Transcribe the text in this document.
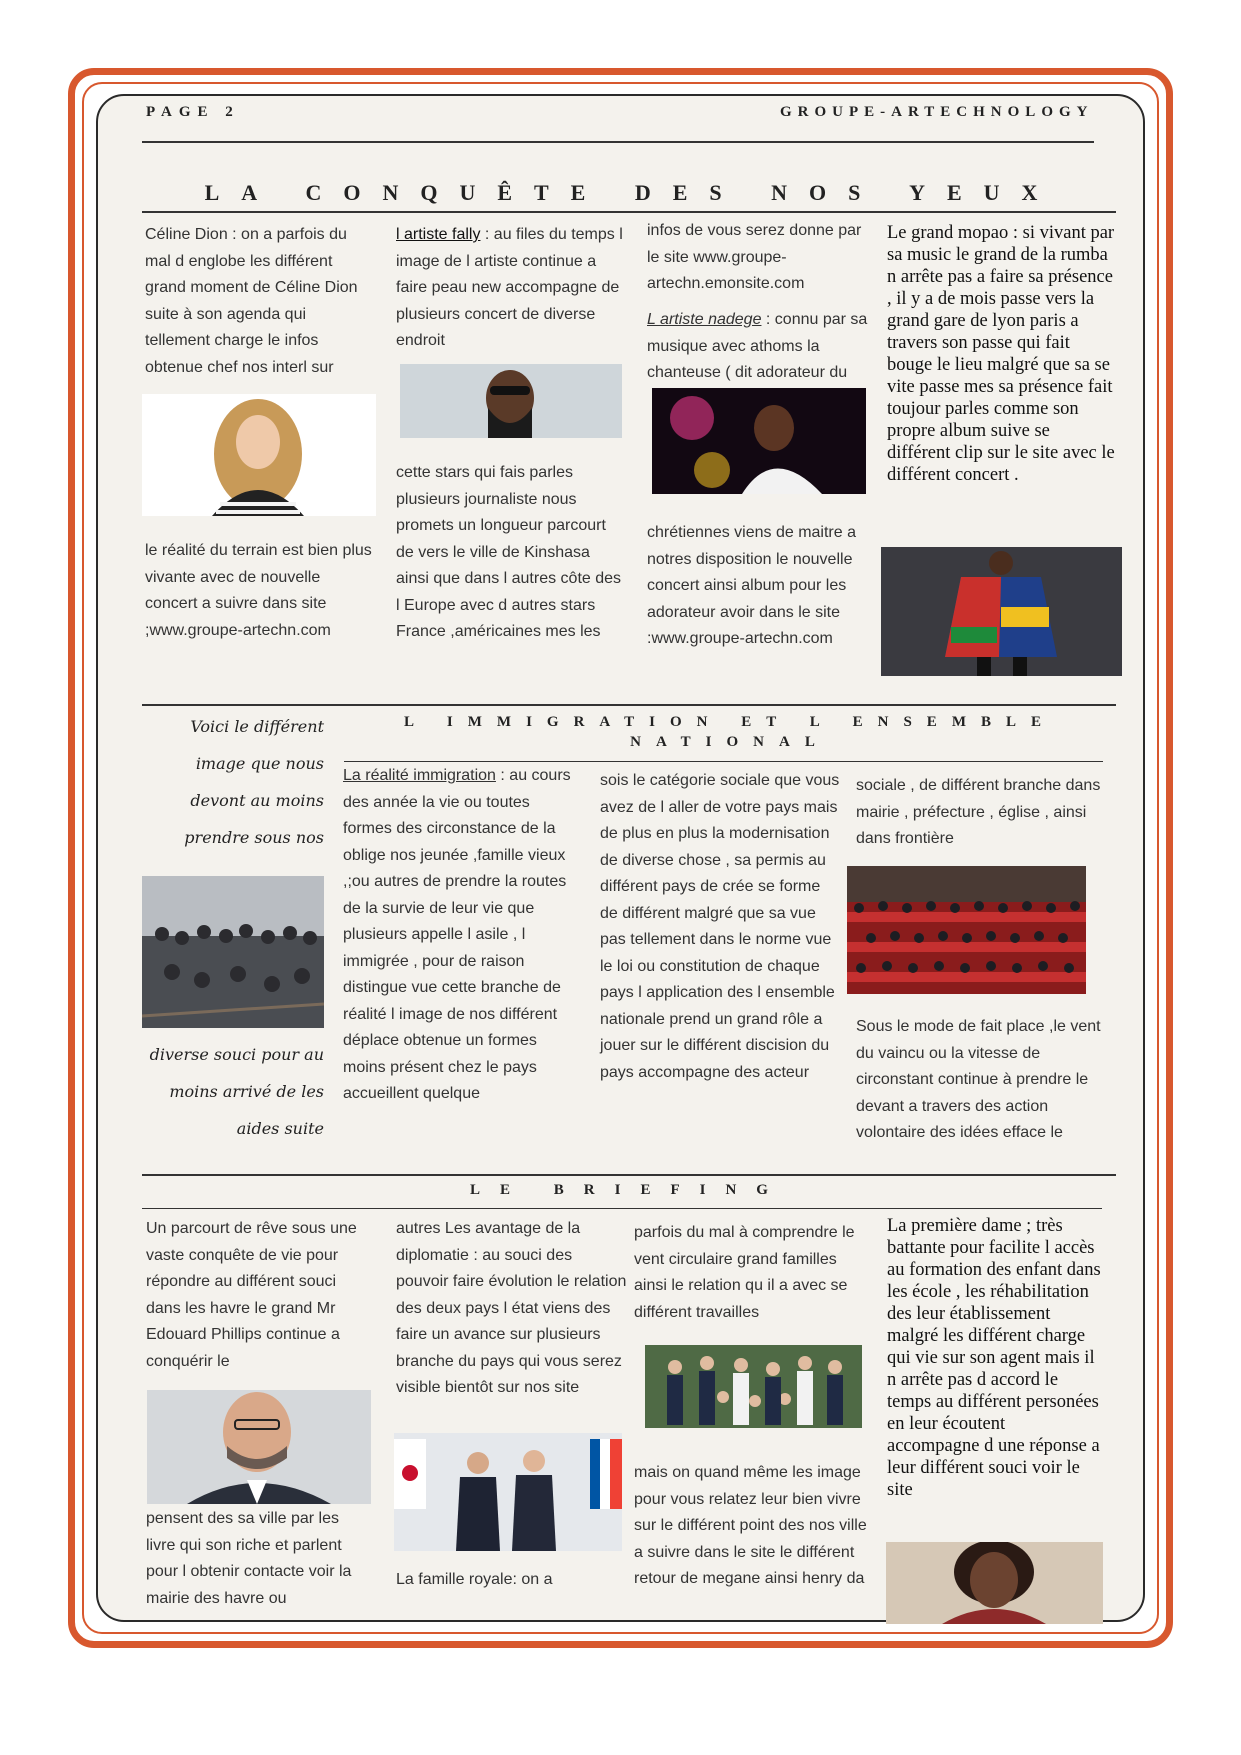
PAGE 2	GROUPE-ARTECHNOLOGY
LA CONQUÊTE DES NOS YEUX
Céline Dion : on a parfois du mal d englobe les différent grand moment de Céline Dion suite à son agenda qui tellement charge le infos obtenue chef nos interl sur
le réalité du terrain est bien plus vivante avec de nouvelle concert a suivre dans site ;www.groupe-artechn.com
l artiste fally : au files du temps l image de l artiste continue a faire peau new accompagne de plusieurs concert de diverse endroit
cette stars qui fais parles plusieurs journaliste nous promets un longueur parcourt de vers le ville de Kinshasa ainsi que dans l autres côte des l Europe avec d autres stars France ,américaines mes les
infos de vous serez donne par le site www.groupe-artechn.emonsite.com
L artiste nadege : connu par sa musique avec athoms la chanteuse ( dit adorateur du
chrétiennes viens de maitre a notres disposition le nouvelle concert ainsi album pour les adorateur avoir dans le site :www.groupe-artechn.com
Le grand mopao : si vivant par sa music le grand de la rumba n arrête pas a faire sa présence , il y a de mois passe vers la grand gare de lyon paris a travers son passe qui fait bouge le lieu malgré que sa se vite passe mes sa présence fait toujour parles comme son propre album suive se différent clip sur le site avec le différent concert .
Voici le différent image que nous devont au moins prendre sous nos
diverse souci pour au moins arrivé de les aides suite
L IMMIGRATION ET L ENSEMBLE
NATIONAL
La réalité immigration : au cours des année la vie ou toutes formes des circonstance de la oblige nos jeunée ,famille vieux ,;ou autres de prendre la routes de la survie de leur vie que plusieurs appelle l asile , l immigrée , pour de raison distingue vue cette branche de réalité l image de nos différent déplace obtenue un formes moins présent chez le pays accueillent quelque
sois le catégorie sociale que vous avez de l aller de votre pays mais de plus en plus la modernisation de diverse chose , sa permis au différent pays de crée se forme de différent malgré que sa vue pas tellement dans le norme vue le loi ou constitution de chaque pays l application des l ensemble nationale prend un grand rôle a jouer sur le différent discision du pays accompagne des acteur
sociale , de différent branche dans mairie , préfecture , église , ainsi dans frontière
Sous le mode de fait place ,le vent du vaincu ou la vitesse de circonstant continue à prendre le devant a travers des action volontaire des idées efface le
LE BRIEFING
Un parcourt de rêve sous une vaste conquête de vie pour répondre au différent souci dans les havre le grand Mr Edouard Phillips continue a conquérir le
pensent des sa ville par les livre qui son riche et parlent pour l obtenir contacte voir la mairie des havre ou
autres Les avantage de la diplomatie : au souci des pouvoir faire évolution le relation des deux pays l état viens des faire un avance sur plusieurs branche du pays qui vous serez visible bientôt sur nos site
La famille royale: on a
parfois du mal à comprendre le vent circulaire grand familles ainsi le relation qu il a avec se différent travailles
mais on quand même les image pour vous relatez leur bien vivre sur le différent point des nos ville a suivre dans le site le différent retour de megane ainsi henry da
La première dame ; très battante pour facilite l accès au formation des enfant dans les école , les réhabilitation des leur établissement malgré les différent charge qui vie sur son agent mais il n arrête pas d accord le temps au différent personées en leur écoutent accompagne d une réponse a leur différent souci voir le site
